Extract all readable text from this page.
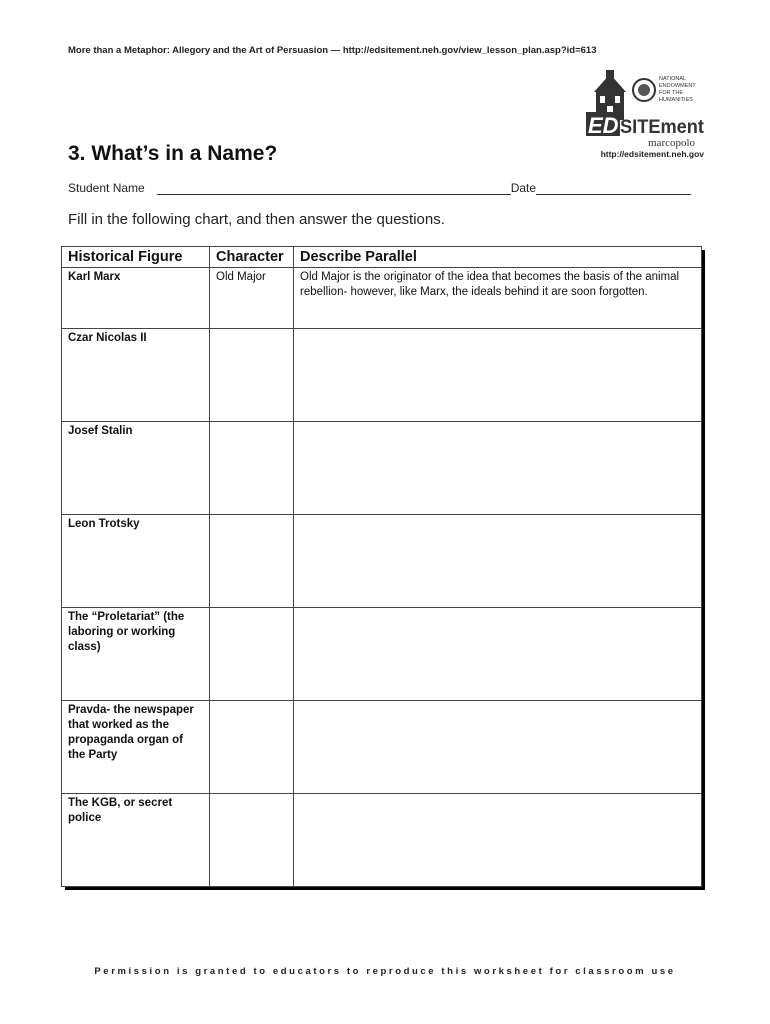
More than a Metaphor: Allegory and the Art of Persuasion — http://edsitement.neh.gov/view_lesson_plan.asp?id=613
NATIONAL
ENDOWMENT
FOR THE
HUMANITIES
ED SITEment
marcopolo
http://edsitement.neh.gov
3. What’s in a Name?
Student Name	Date
Fill in the following chart, and then answer the questions.
Historical Figure	Character	Describe Parallel
Karl Marx	Old Major	Old Major is the originator of the idea that becomes the basis of the animal rebellion- however, like Marx, the ideals behind it are soon forgotten.
Czar Nicolas II		
Josef Stalin		
Leon Trotsky		
The “Proletariat” (the laboring or working class)		
Pravda- the newspaper that worked as the propaganda organ of the Party		
The KGB, or secret police		
Permission is granted to educators to reproduce this worksheet for classroom use
